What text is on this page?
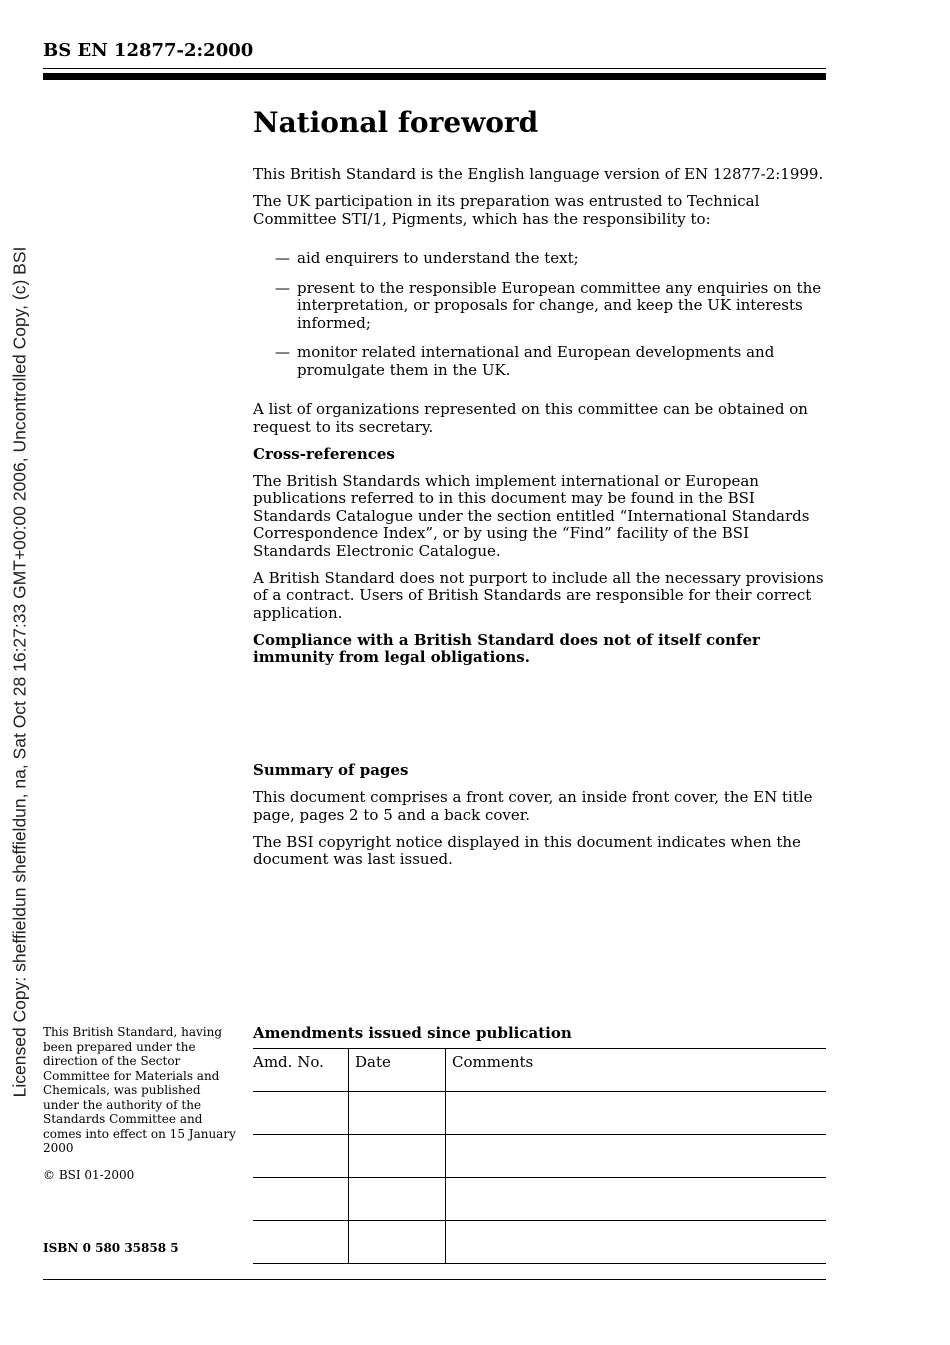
BS EN 12877-2:2000
Licensed Copy: sheffieldun sheffieldun, na, Sat Oct 28 16:27:33 GMT+00:00 2006, Uncontrolled Copy, (c) BSI
National foreword

This British Standard is the English language version of EN 12877-2:1999.

The UK participation in its preparation was entrusted to Technical Committee STI/1, Pigments, which has the responsibility to:

— aid enquirers to understand the text;
— present to the responsible European committee any enquiries on the interpretation, or proposals for change, and keep the UK interests informed;
— monitor related international and European developments and promulgate them in the UK.

A list of organizations represented on this committee can be obtained on request to its secretary.

Cross-references

The British Standards which implement international or European publications referred to in this document may be found in the BSI Standards Catalogue under the section entitled “International Standards Correspondence Index”, or by using the “Find” facility of the BSI Standards Electronic Catalogue.

A British Standard does not purport to include all the necessary provisions of a contract. Users of British Standards are responsible for their correct application.

Compliance with a British Standard does not of itself confer immunity from legal obligations.

Summary of pages

This document comprises a front cover, an inside front cover, the EN title page, pages 2 to 5 and a back cover.

The BSI copyright notice displayed in this document indicates when the document was last issued.

This British Standard, having been prepared under the direction of the Sector Committee for Materials and Chemicals, was published under the authority of the Standards Committee and comes into effect on 15 January 2000
© BSI 01-2000
ISBN 0 580 35858 5
Amendments issued since publication
Amd. No.	Date	Comments
